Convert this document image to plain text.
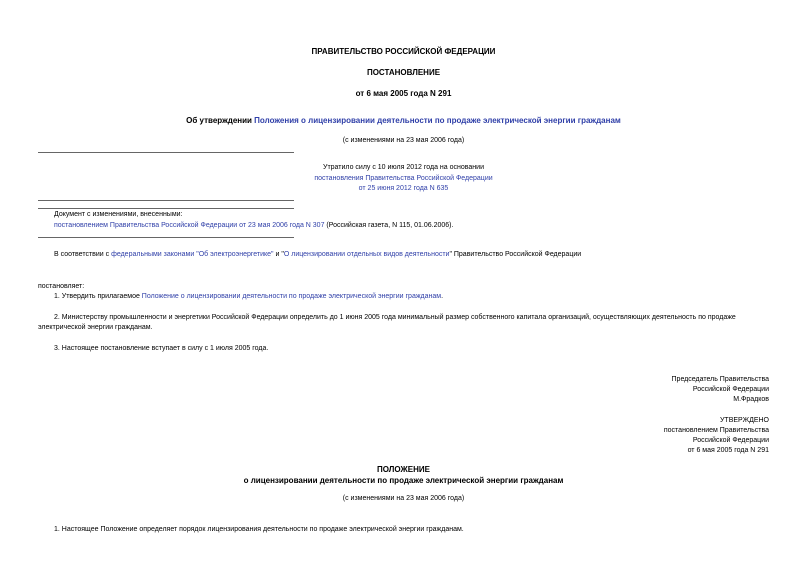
ПРАВИТЕЛЬСТВО РОССИЙСКОЙ ФЕДЕРАЦИИ
ПОСТАНОВЛЕНИЕ
от 6 мая 2005 года N 291
Об утверждении Положения о лицензировании деятельности по продаже электрической энергии гражданам
(с изменениями на 23 мая 2006 года)
Утратило силу с 10 июля 2012 года на основании
постановления Правительства Российской Федерации
от 25 июня 2012 года N 635
Документ с изменениями, внесенными:
постановлением Правительства Российской Федерации от 23 мая 2006 года N 307 (Российская газета, N 115, 01.06.2006).
В соответствии с федеральными законами "Об электроэнергетике" и "О лицензировании отдельных видов деятельности" Правительство Российской Федерации
постановляет:
1. Утвердить прилагаемое Положение о лицензировании деятельности по продаже электрической энергии гражданам.
2. Министерству промышленности и энергетики Российской Федерации определить до 1 июня 2005 года минимальный размер собственного капитала организаций, осуществляющих деятельность по продаже
электрической энергии гражданам.
3. Настоящее постановление вступает в силу с 1 июля 2005 года.
Председатель Правительства
Российской Федерации
М.Фрадков
УТВЕРЖДЕНО
постановлением Правительства
Российской Федерации
от 6 мая 2005 года N 291
ПОЛОЖЕНИЕ
о лицензировании деятельности по продаже электрической энергии гражданам
(с изменениями на 23 мая 2006 года)
1. Настоящее Положение определяет порядок лицензирования деятельности по продаже электрической энергии гражданам.
